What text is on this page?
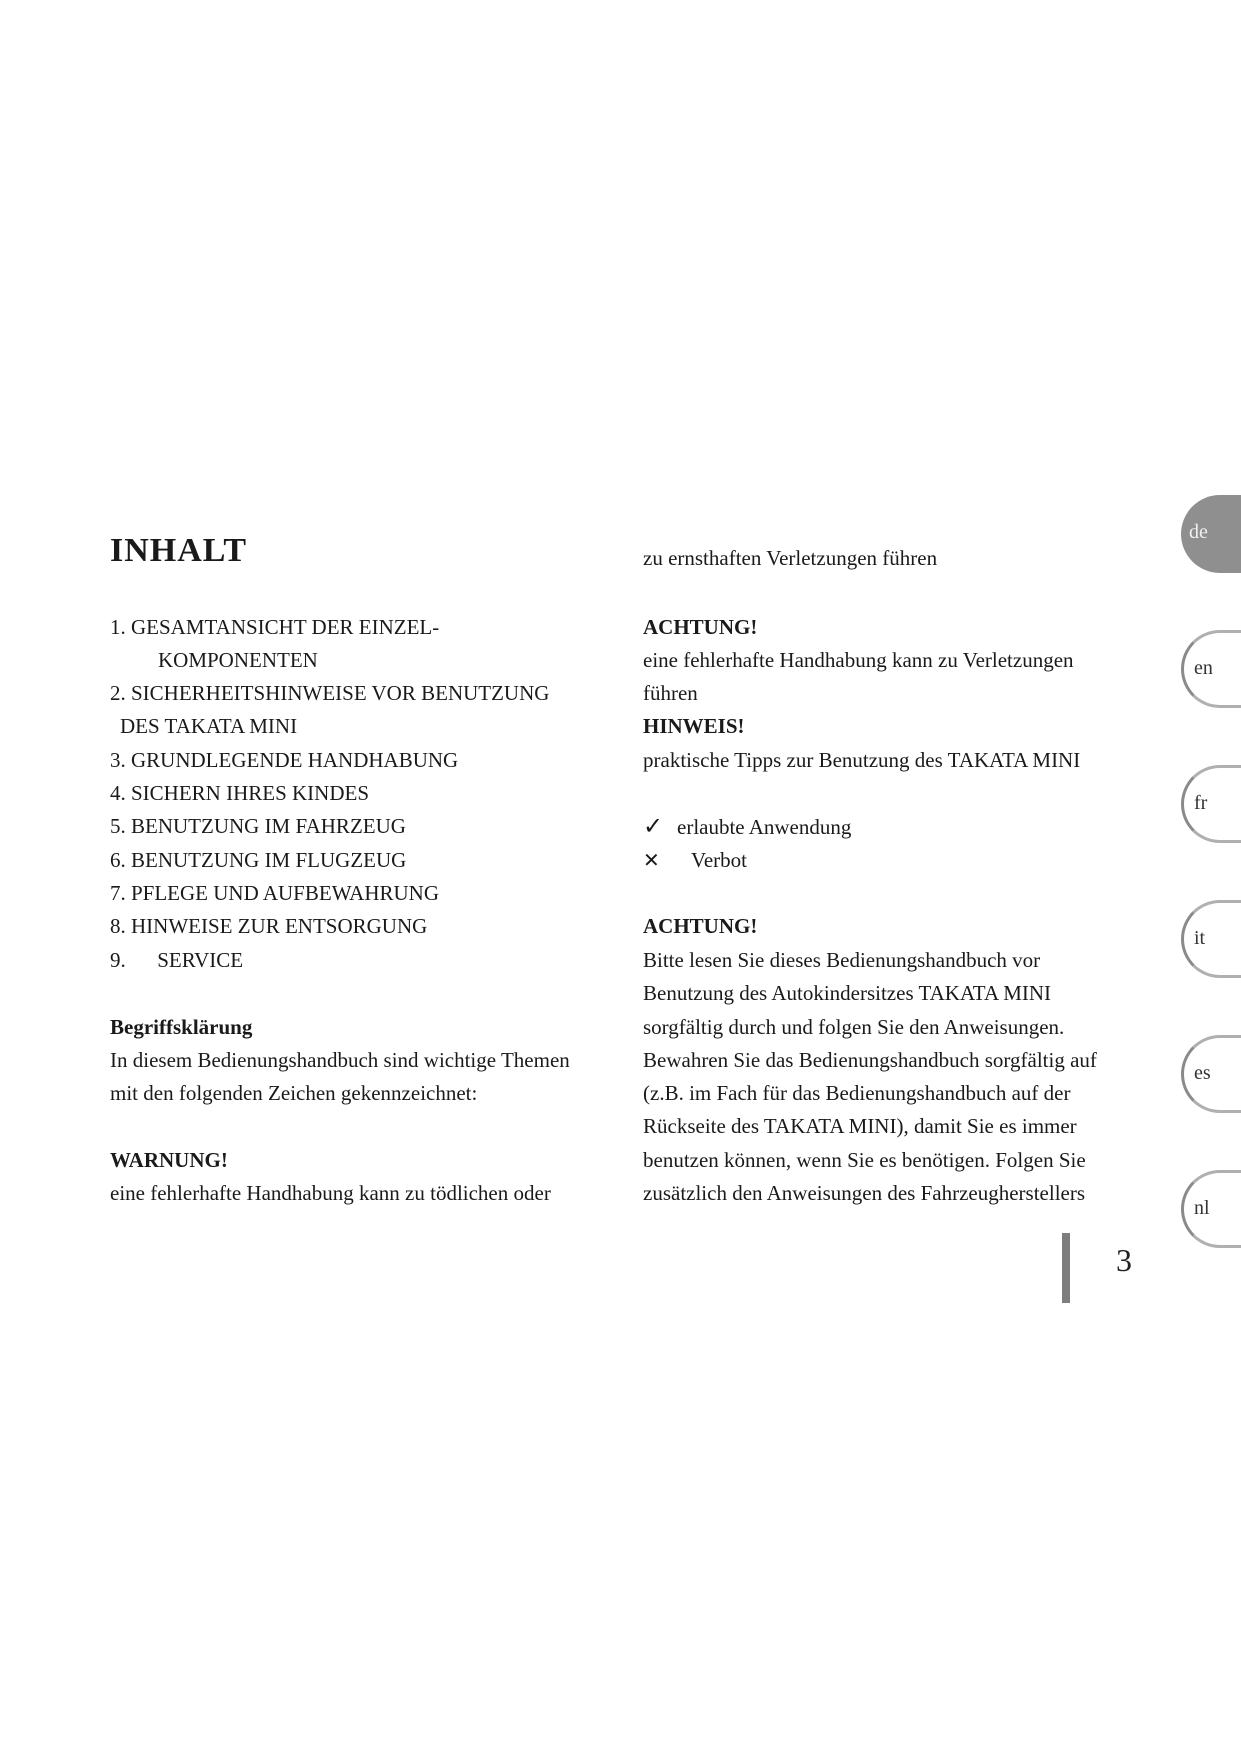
INHALT
1. GESAMTANSICHT DER EINZEL-
KOMPONENTEN
2. SICHERHEITSHINWEISE VOR BENUTZUNG
DES TAKATA MINI
3. GRUNDLEGENDE HANDHABUNG
4. SICHERN IHRES KINDES
5. BENUTZUNG IM FAHRZEUG
6. BENUTZUNG IM FLUGZEUG
7. PFLEGE UND AUFBEWAHRUNG
8. HINWEISE ZUR ENTSORGUNG
9.      SERVICE
Begriffsklärung
In diesem Bedienungshandbuch sind wichtige Themen
mit den folgenden Zeichen gekennzeichnet:
WARNUNG!
eine fehlerhafte Handhabung kann zu tödlichen oder
zu ernsthaften Verletzungen führen
ACHTUNG!
eine fehlerhafte Handhabung kann zu Verletzungen
führen
HINWEIS!
praktische Tipps zur Benutzung des TAKATA MINI
✓ erlaubte Anwendung
✕ Verbot
ACHTUNG!
Bitte lesen Sie dieses Bedienungshandbuch vor
Benutzung des Autokindersitzes TAKATA MINI
sorgfältig durch und folgen Sie den Anweisungen.
Bewahren Sie das Bedienungshandbuch sorgfältig auf
(z.B. im Fach für das Bedienungshandbuch auf der
Rückseite des TAKATA MINI), damit Sie es immer
benutzen können, wenn Sie es benötigen. Folgen Sie
zusätzlich den Anweisungen des Fahrzeugherstellers
de
en
fr
it
es
nl
3
